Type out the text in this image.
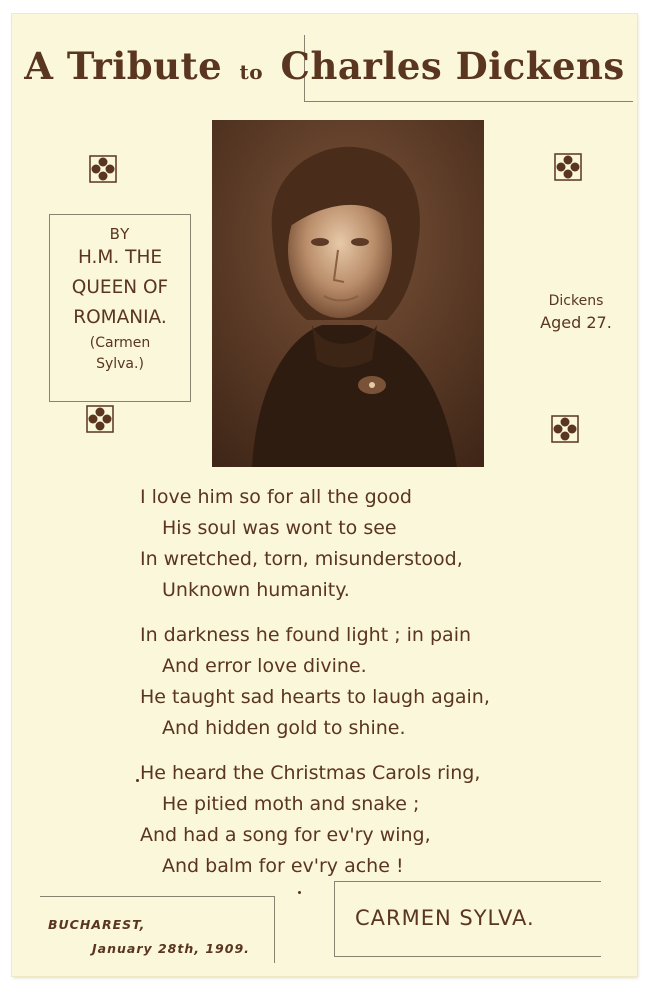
A Tribute to Charles Dickens
BY
H.M. THE
QUEEN OF
ROMANIA.
(Carmen
Sylva.)
Dickens
Aged 27.
I love him so for all the good
His soul was wont to see
In wretched, torn, misunderstood,
Unknown humanity.
In darkness he found light ; in pain
And error love divine.
He taught sad hearts to laugh again,
And hidden gold to shine.
He heard the Christmas Carols ring,
He pitied moth and snake ;
And had a song for ev'ry wing,
And balm for ev'ry ache !
BUCHAREST,
January 28th, 1909.
CARMEN SYLVA.
